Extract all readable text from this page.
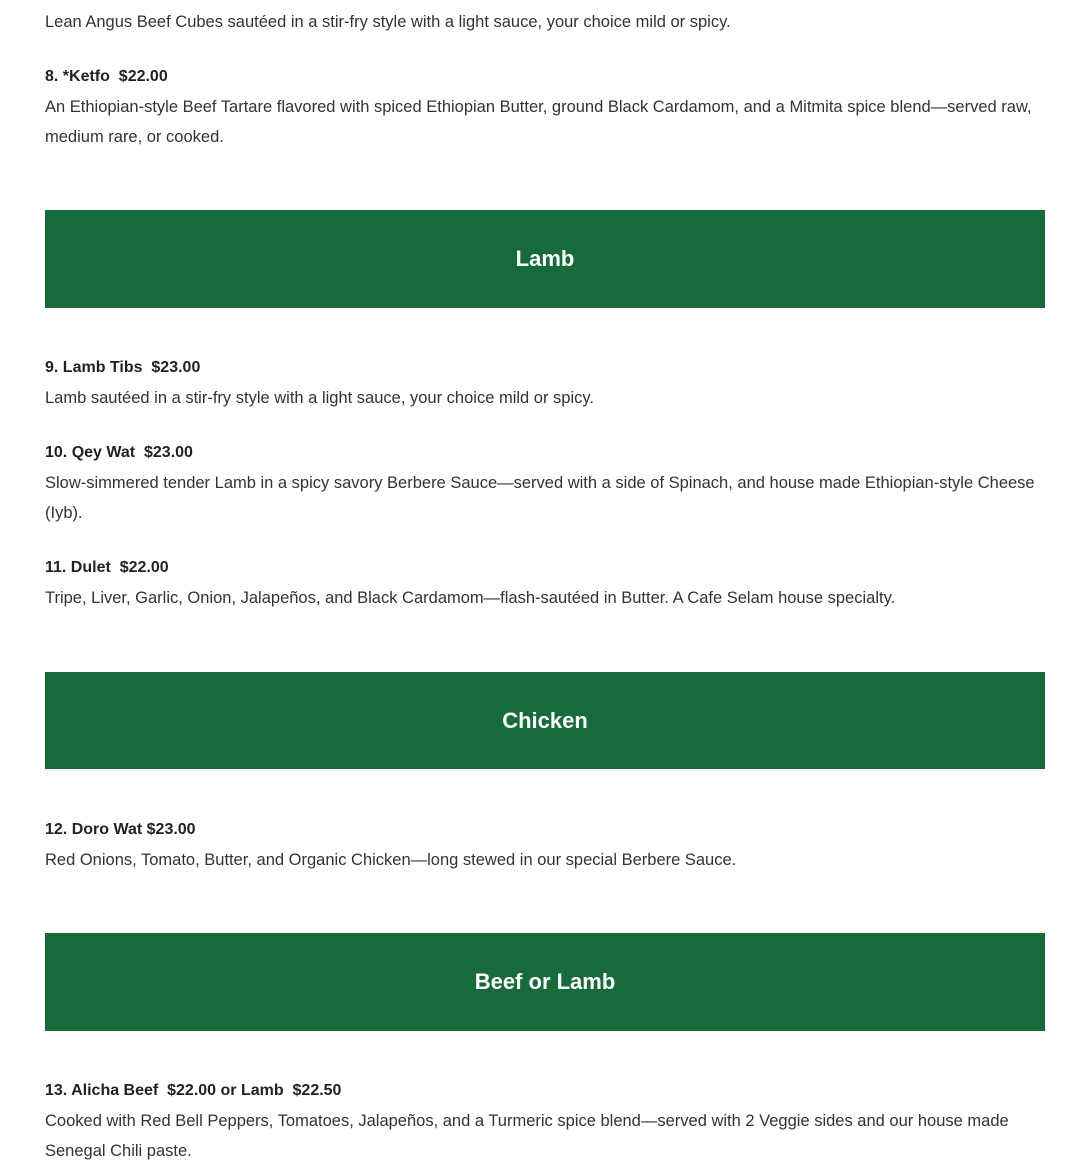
Lean Angus Beef Cubes sautéed in a stir-fry style with a light sauce, your choice mild or spicy.

8. *Ketfo  $22.00

An Ethiopian-style Beef Tartare flavored with spiced Ethiopian Butter, ground Black Cardamom, and a Mitmita spice blend—served raw, medium rare, or cooked.

Lamb

9. Lamb Tibs  $23.00

Lamb sautéed in a stir-fry style with a light sauce, your choice mild or spicy.

10. Qey Wat  $23.00

Slow-simmered tender Lamb in a spicy savory Berbere Sauce—served with a side of Spinach, and house made Ethiopian-style Cheese (Iyb).

11. Dulet  $22.00

Tripe, Liver, Garlic, Onion, Jalapeños, and Black Cardamom—flash-sautéed in Butter. A Cafe Selam house specialty.

Chicken

12. Doro Wat $23.00

Red Onions, Tomato, Butter, and Organic Chicken—long stewed in our special Berbere Sauce.

Beef or Lamb

13. Alicha Beef  $22.00 or Lamb  $22.50

Cooked with Red Bell Peppers, Tomatoes, Jalapeños, and a Turmeric spice blend—served with 2 Veggie sides and our house made Senegal Chili paste.
